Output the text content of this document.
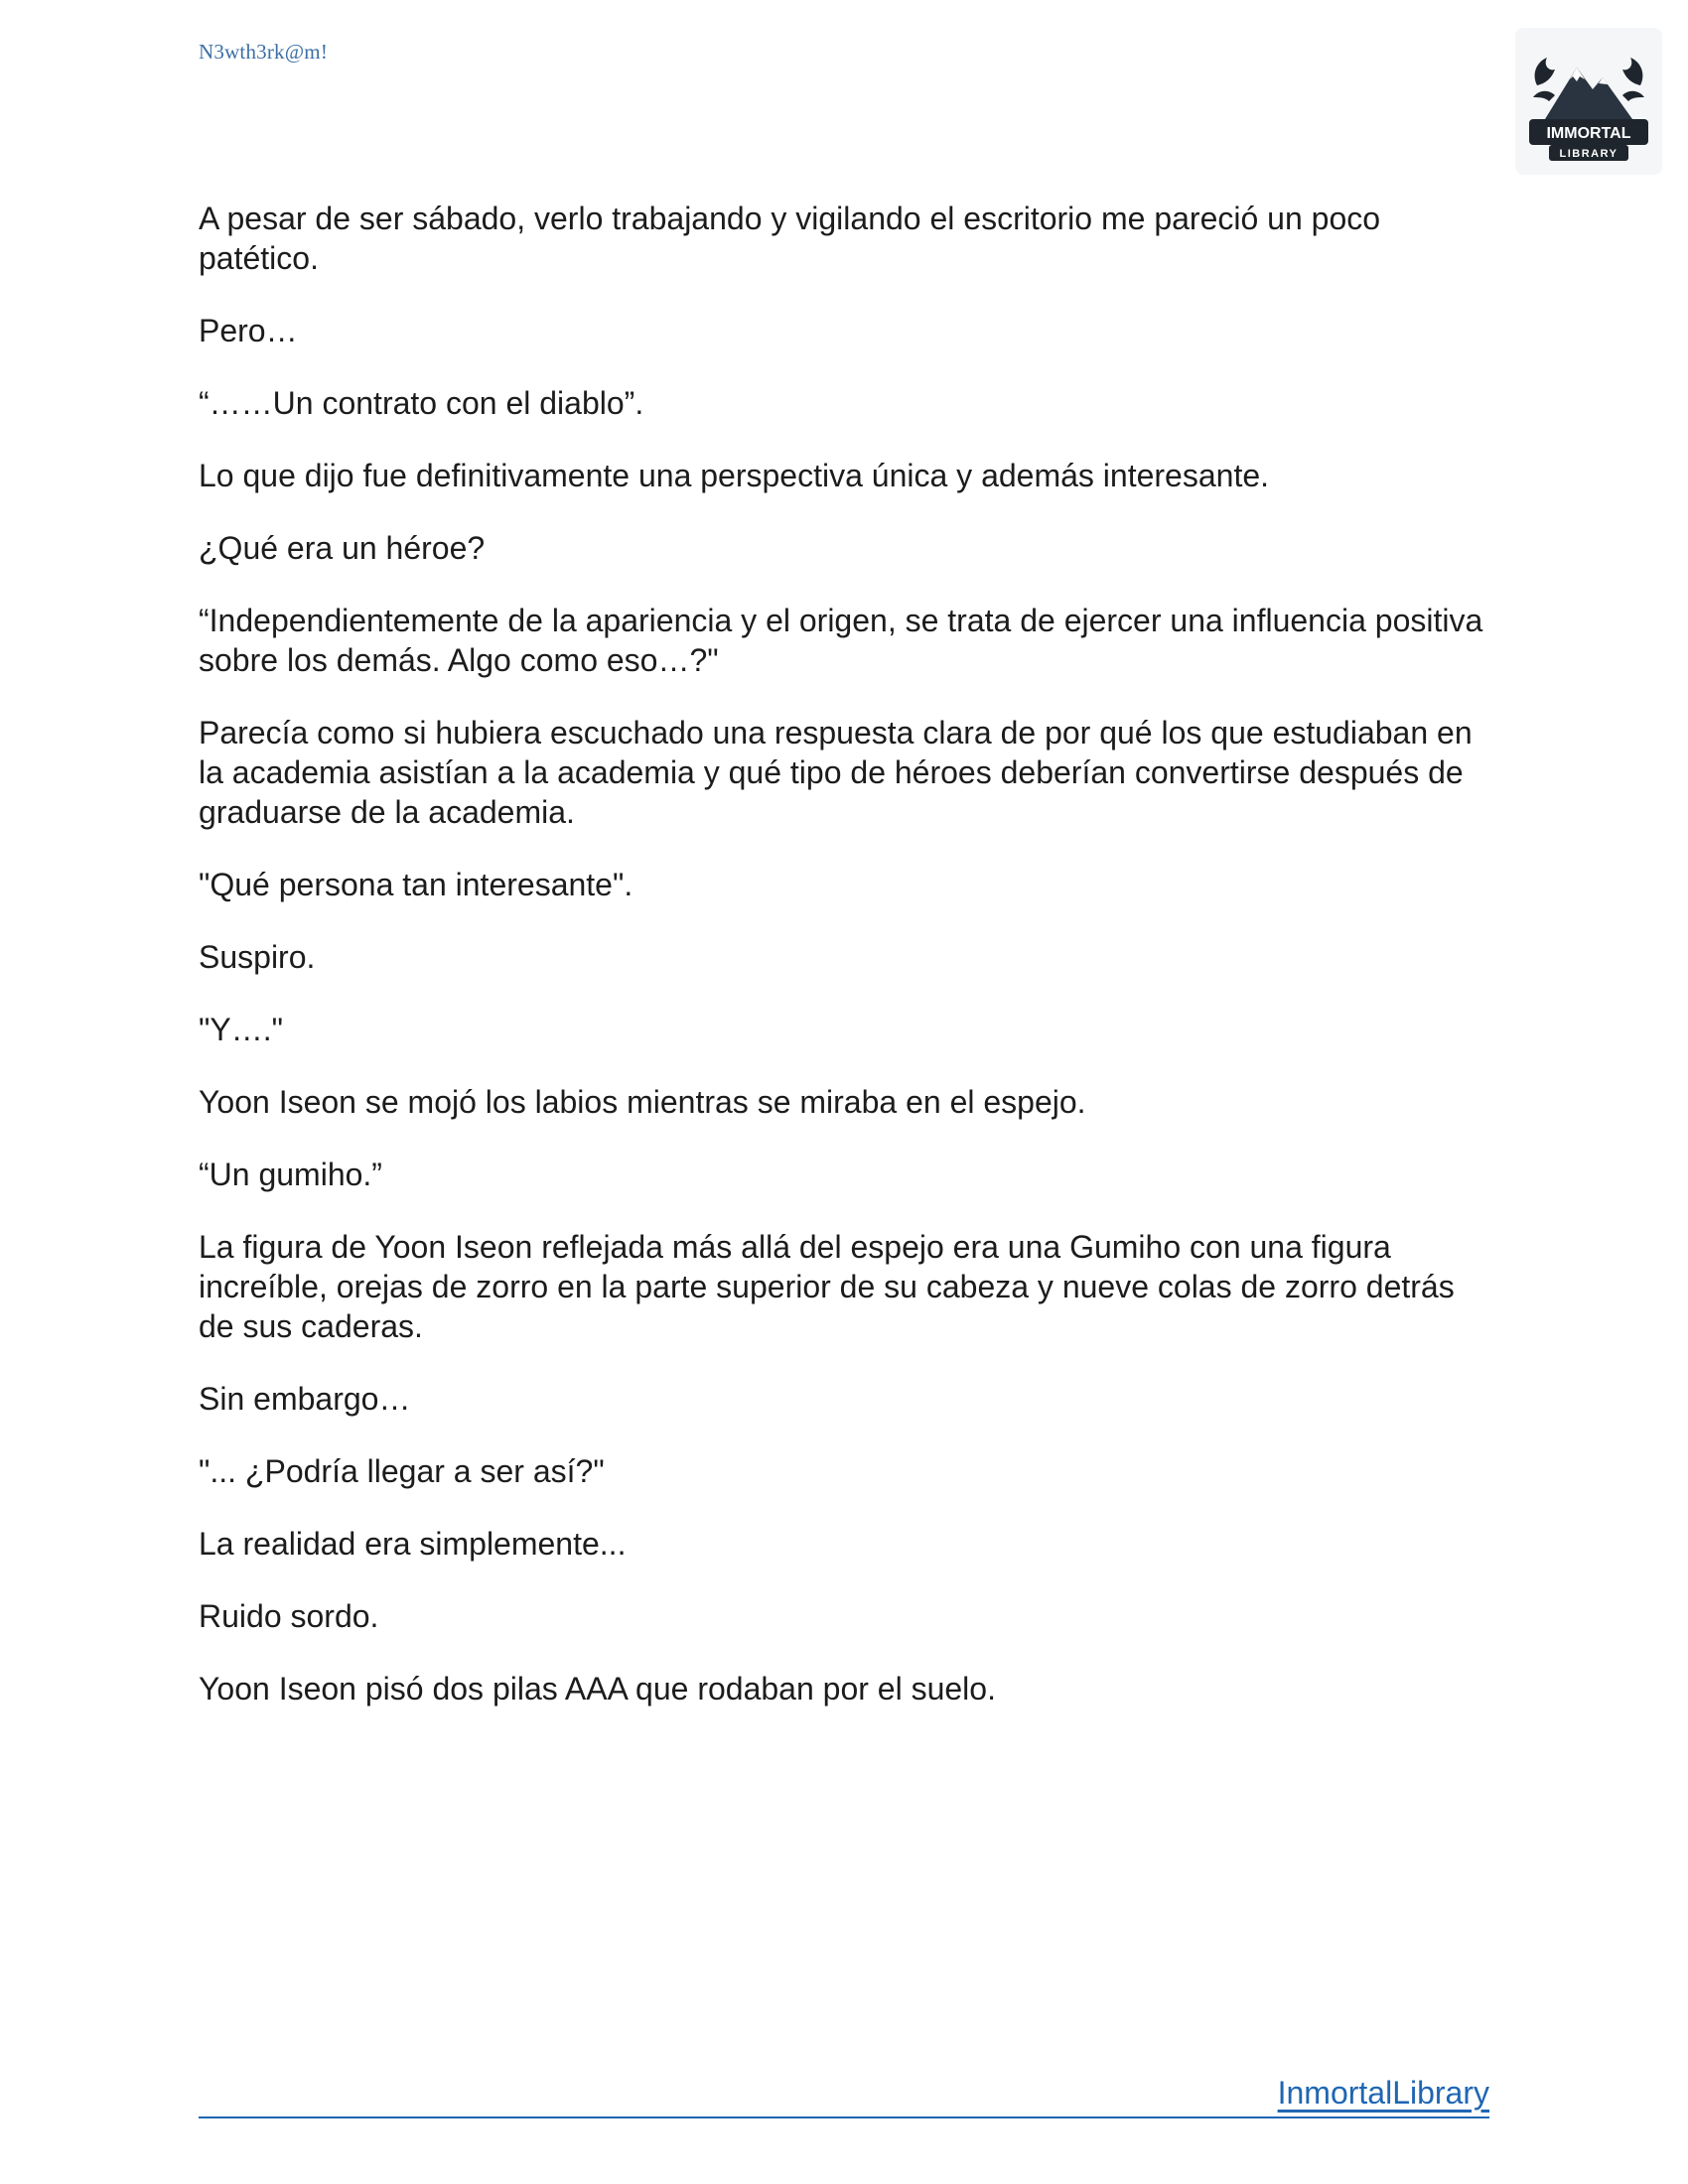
N3wth3rk@m!
IMMORTAL
LIBRARY

A pesar de ser sábado, verlo trabajando y vigilando el escritorio me pareció un poco patético.

Pero…

“……Un contrato con el diablo”.

Lo que dijo fue definitivamente una perspectiva única y además interesante.

¿Qué era un héroe?

“Independientemente de la apariencia y el origen, se trata de ejercer una influencia positiva sobre los demás. Algo como eso…?"

Parecía como si hubiera escuchado una respuesta clara de por qué los que estudiaban en la academia asistían a la academia y qué tipo de héroes deberían convertirse después de graduarse de la academia.

"Qué persona tan interesante".

Suspiro.

"Y…."

Yoon Iseon se mojó los labios mientras se miraba en el espejo.

“Un gumiho.”

La figura de Yoon Iseon reflejada más allá del espejo era una Gumiho con una figura increíble, orejas de zorro en la parte superior de su cabeza y nueve colas de zorro detrás de sus caderas.

Sin embargo…

"... ¿Podría llegar a ser así?"

La realidad era simplemente...

Ruido sordo.

Yoon Iseon pisó dos pilas AAA que rodaban por el suelo.

InmortalLibrary
